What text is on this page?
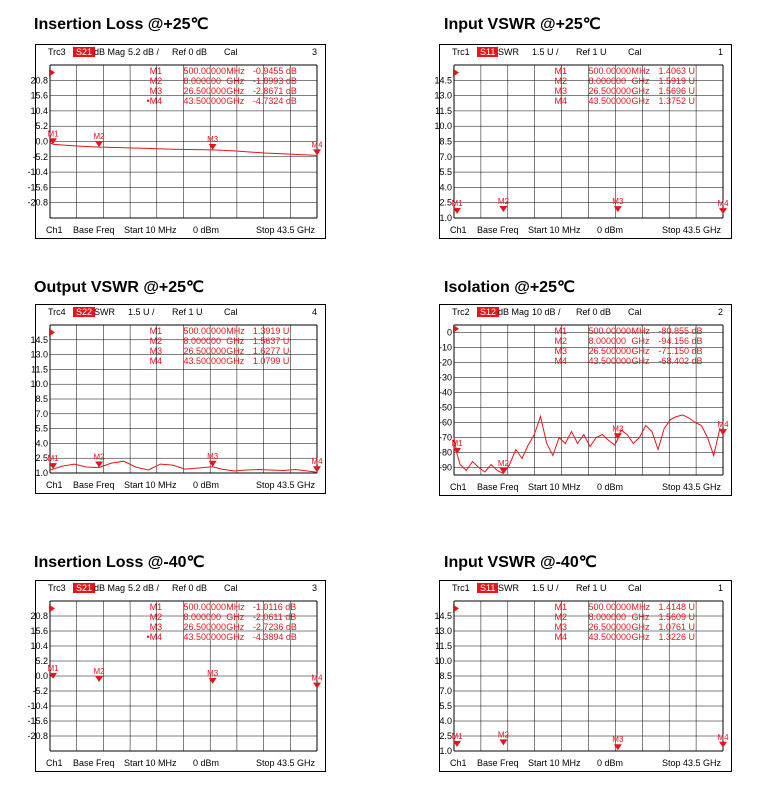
Insertion Loss @+25℃	Input VSWR @+25℃
Output VSWR @+25℃	Isolation @+25℃
Insertion Loss @-40℃	Input VSWR @-40℃
Trc3	S21 dB Mag 5.2 dB / Ref 0 dB Cal	3
Ch1 Base Freq Start 10 MHz 0 dBm	Stop 43.5 GHz
20.8
15.6
10.4
5.2
0.0
-5.2
-10.4
-15.6
-20.8
M1	M2	M3
M4
M1 500.00000 MHz -0.9455 dB
M2 8.000000 GHz -1.8993 dB
M3 26.500000 GHz -2.8671 dB
•M4 43.500000 GHz -4.7324 dB
Trc1	S11 SWR 1.5 U / Ref 1 U Cal	1
Ch1 Base Freq Start 10 MHz 0 dBm	Stop 43.5 GHz
14.5
13.0
11.5
10.0
8.5
7.0
5.5
4.0
2.5
1.0
M1	M2	M3	M4
M1 500.00000 MHz 1.4063 U
M2 8.000000 GHz 1.5919 U
M3 26.500000 GHz 1.5696 U
M4 43.500000 GHz 1.3752 U
Trc4	S22 SWR 1.5 U / Ref 1 U Cal	4
Ch1 Base Freq Start 10 MHz 0 dBm	Stop 43.5 GHz
14.5
13.0
11.5
10.0
8.5
7.0
5.5
4.0
2.5
1.0
M1	M2	M3
M4
M1 500.00000 MHz 1.3919 U
M2 8.000000 GHz 1.5637 U
M3 26.500000 GHz 1.6277 U
M4 43.500000 GHz 1.0799 U
Trc2	S12 dB Mag 10 dB / Ref 0 dB Cal	2
Ch1 Base Freq Start 10 MHz 0 dBm	Stop 43.5 GHz
0
-10
-20
-30
-40
-50
-60
-70
-80
-90
M1
M2
M3	M4
M1 500.00000 MHz -80.855 dB
M2 8.000000 GHz -94.156 dB
M3 26.500000 GHz -71.150 dB
M4 43.500000 GHz -68.402 dB
Trc3	S21 dB Mag 5.2 dB / Ref 0 dB Cal	3
Ch1 Base Freq Start 10 MHz 0 dBm	Stop 43.5 GHz
20.8
15.6
10.4
5.2
0.0
-5.2
-10.4
-15.6
-20.8
M1	M2	M3
M4
M1 500.00000 MHz -1.0116 dB
M2 8.000000 GHz -2.0611 dB
M3 26.500000 GHz -2.7236 dB
•M4 43.500000 GHz -4.3894 dB
Trc1	S11 SWR 1.5 U / Ref 1 U Cal	1
Ch1 Base Freq Start 10 MHz 0 dBm	Stop 43.5 GHz
14.5
13.0
11.5
10.0
8.5
7.0
5.5
4.0
2.5
1.0
M1	M2
M3	M4
M1 500.00000 MHz 1.4148 U
M2 8.000000 GHz 1.5609 U
M3 26.500000 GHz 1.0761 U
M4 43.500000 GHz 1.3226 U
